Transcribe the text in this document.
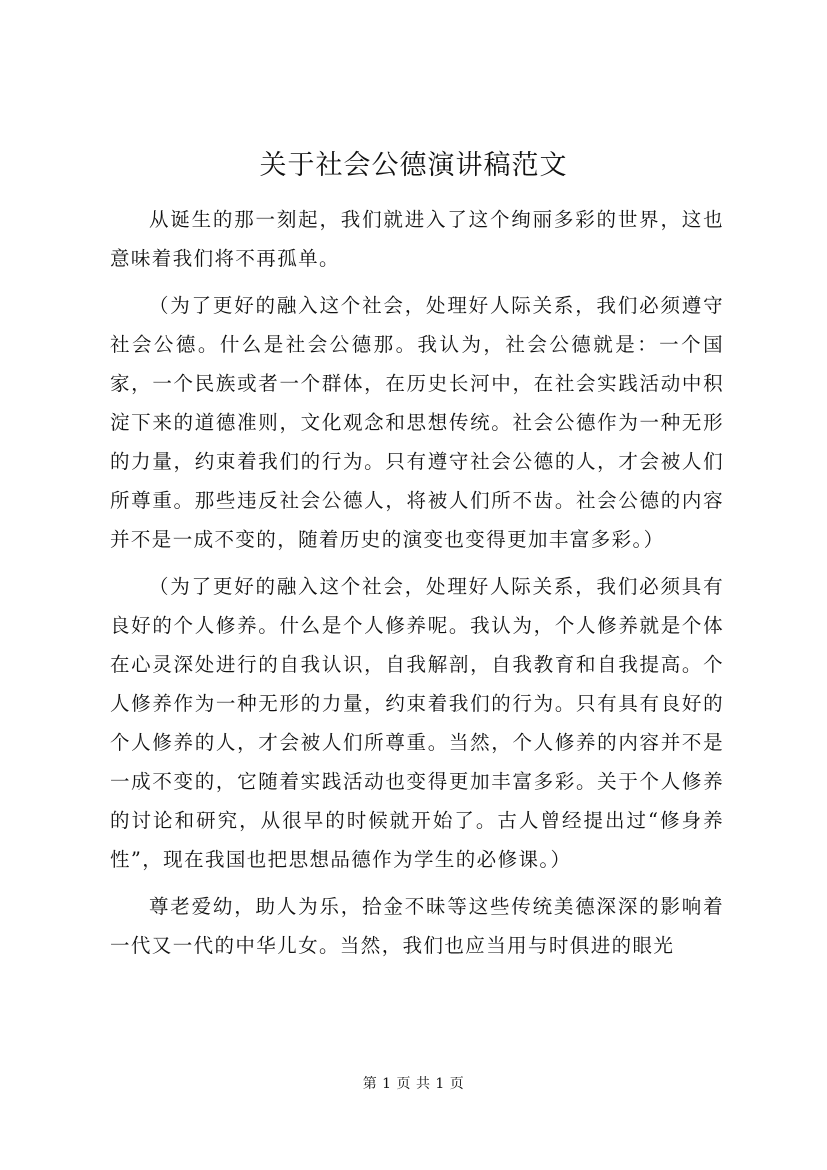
关于社会公德演讲稿范文

从诞生的那一刻起，我们就进入了这个绚丽多彩的世界，这也意味着我们将不再孤单。

（为了更好的融入这个社会，处理好人际关系，我们必须遵守社会公德。什么是社会公德那。我认为，社会公德就是：一个国家，一个民族或者一个群体，在历史长河中，在社会实践活动中积淀下来的道德准则，文化观念和思想传统。社会公德作为一种无形的力量，约束着我们的行为。只有遵守社会公德的人，才会被人们所尊重。那些违反社会公德人，将被人们所不齿。社会公德的内容并不是一成不变的，随着历史的演变也变得更加丰富多彩。）

（为了更好的融入这个社会，处理好人际关系，我们必须具有良好的个人修养。什么是个人修养呢。我认为，个人修养就是个体在心灵深处进行的自我认识，自我解剖，自我教育和自我提高。个人修养作为一种无形的力量，约束着我们的行为。只有具有良好的个人修养的人，才会被人们所尊重。当然，个人修养的内容并不是一成不变的，它随着实践活动也变得更加丰富多彩。关于个人修养的讨论和研究，从很早的时候就开始了。古人曾经提出过“修身养性”，现在我国也把思想品德作为学生的必修课。）

尊老爱幼，助人为乐，拾金不昧等这些传统美德深深的影响着一代又一代的中华儿女。当然，我们也应当用与时俱进的眼光

第 1 页 共 1 页
